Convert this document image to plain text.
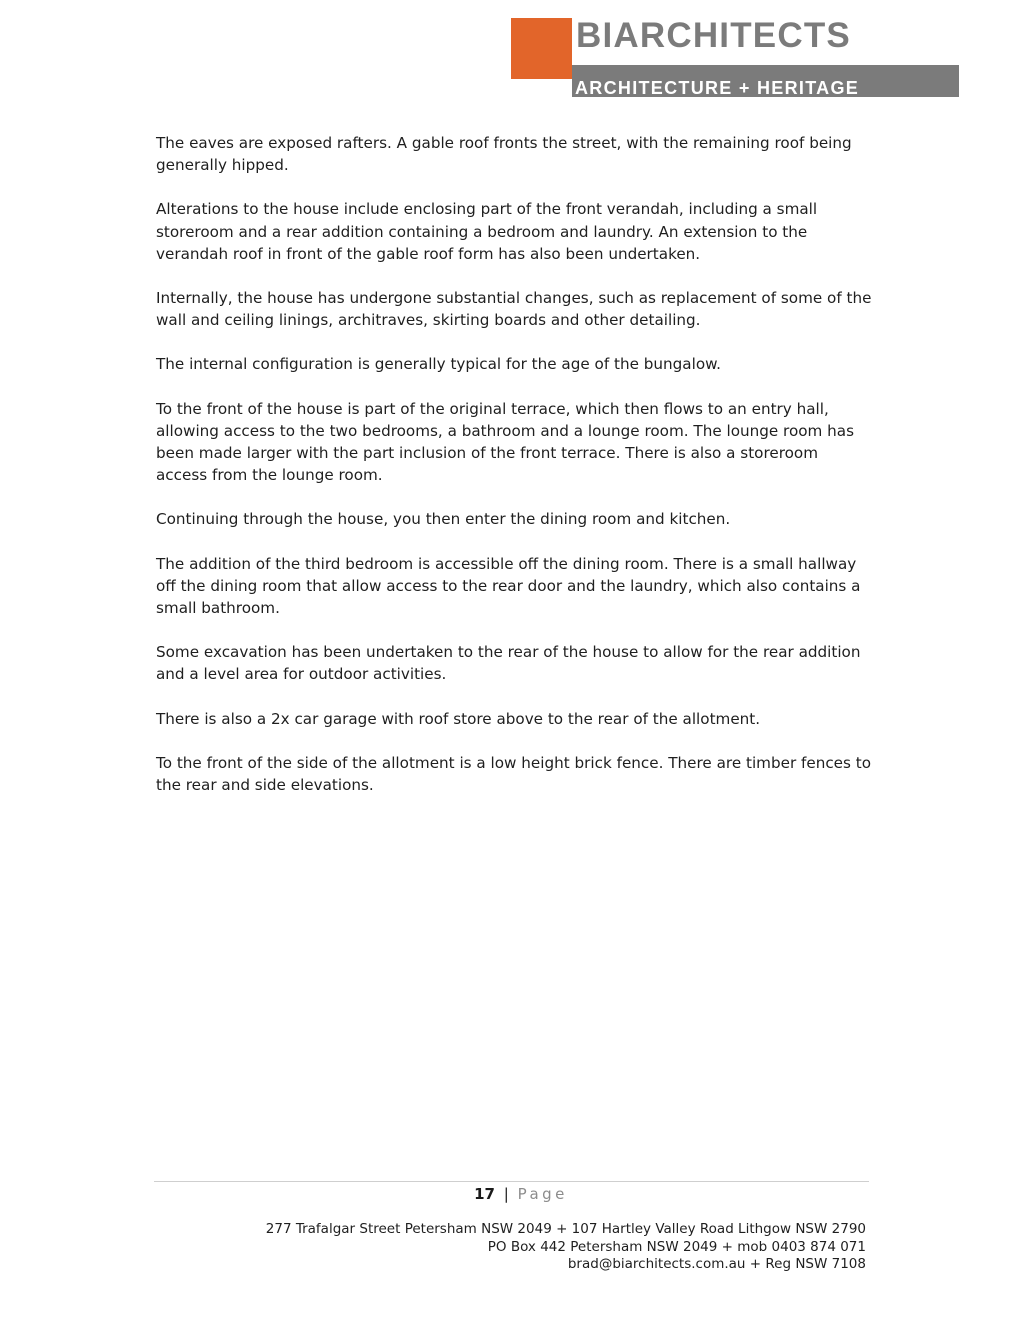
BIARCHITECTS
ARCHITECTURE + HERITAGE

The eaves are exposed rafters. A gable roof fronts the street, with the remaining roof being generally hipped.

Alterations to the house include enclosing part of the front verandah, including a small storeroom and a rear addition containing a bedroom and laundry. An extension to the verandah roof in front of the gable roof form has also been undertaken.

Internally, the house has undergone substantial changes, such as replacement of some of the wall and ceiling linings, architraves, skirting boards and other detailing.

The internal configuration is generally typical for the age of the bungalow.

To the front of the house is part of the original terrace, which then flows to an entry hall, allowing access to the two bedrooms, a bathroom and a lounge room. The lounge room has been made larger with the part inclusion of the front terrace. There is also a storeroom access from the lounge room.

Continuing through the house, you then enter the dining room and kitchen.

The addition of the third bedroom is accessible off the dining room. There is a small hallway off the dining room that allow access to the rear door and the laundry, which also contains a small bathroom.

Some excavation has been undertaken to the rear of the house to allow for the rear addition and a level area for outdoor activities.

There is also a 2x car garage with roof store above to the rear of the allotment.

To the front of the side of the allotment is a low height brick fence. There are timber fences to the rear and side elevations.

17 | Page
277 Trafalgar Street Petersham NSW 2049 + 107 Hartley Valley Road Lithgow NSW 2790
PO Box 442 Petersham NSW 2049 + mob 0403 874 071
brad@biarchitects.com.au + Reg NSW 7108
